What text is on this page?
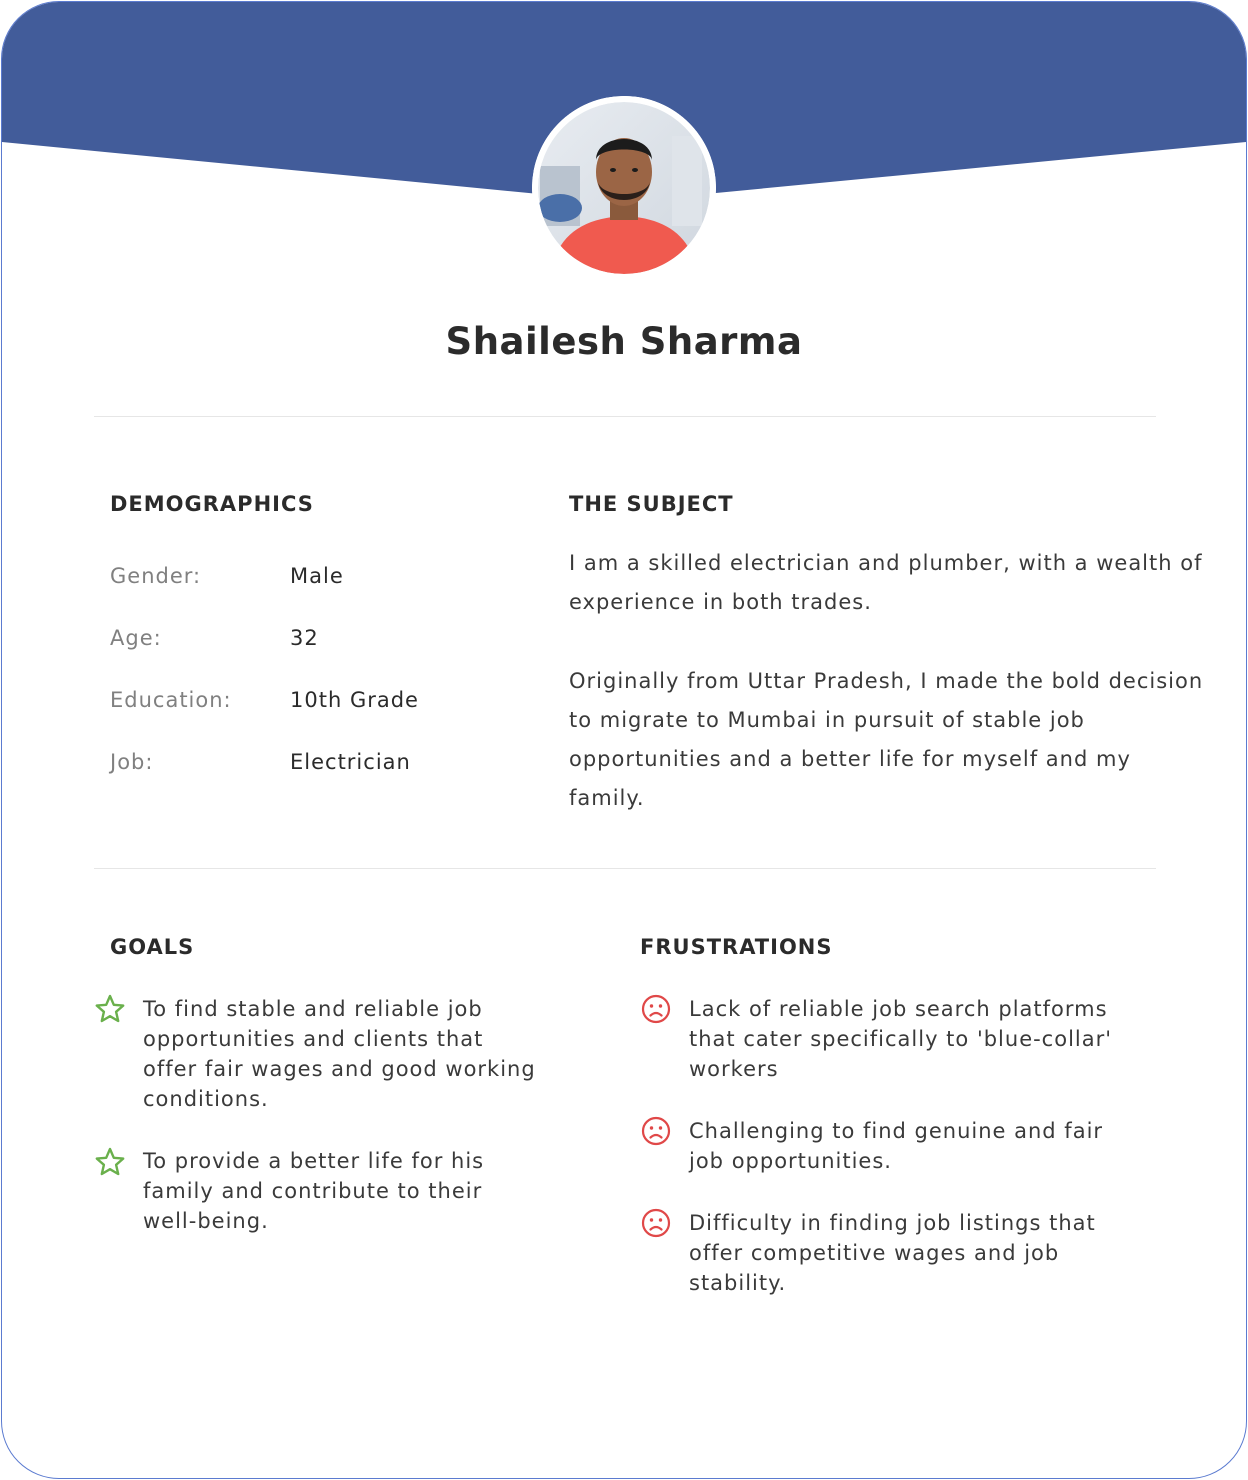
Shailesh Sharma
DEMOGRAPHICS
Gender:	Male
Age:	32
Education:	10th Grade
Job:	Electrician
THE SUBJECT

I am a skilled electrician and plumber, with a wealth of experience in both trades.

Originally from Uttar Pradesh, I made the bold decision to migrate to Mumbai in pursuit of stable job opportunities and a better life for myself and my family.

GOALS
To find stable and reliable job opportunities and clients that offer fair wages and good working conditions.
To provide a better life for his family and contribute to their well-being.
FRUSTRATIONS
Lack of reliable job search platforms that cater specifically to 'blue-collar' workers
Challenging to find genuine and fair job opportunities.
Difficulty in finding job listings that offer competitive wages and job stability.
